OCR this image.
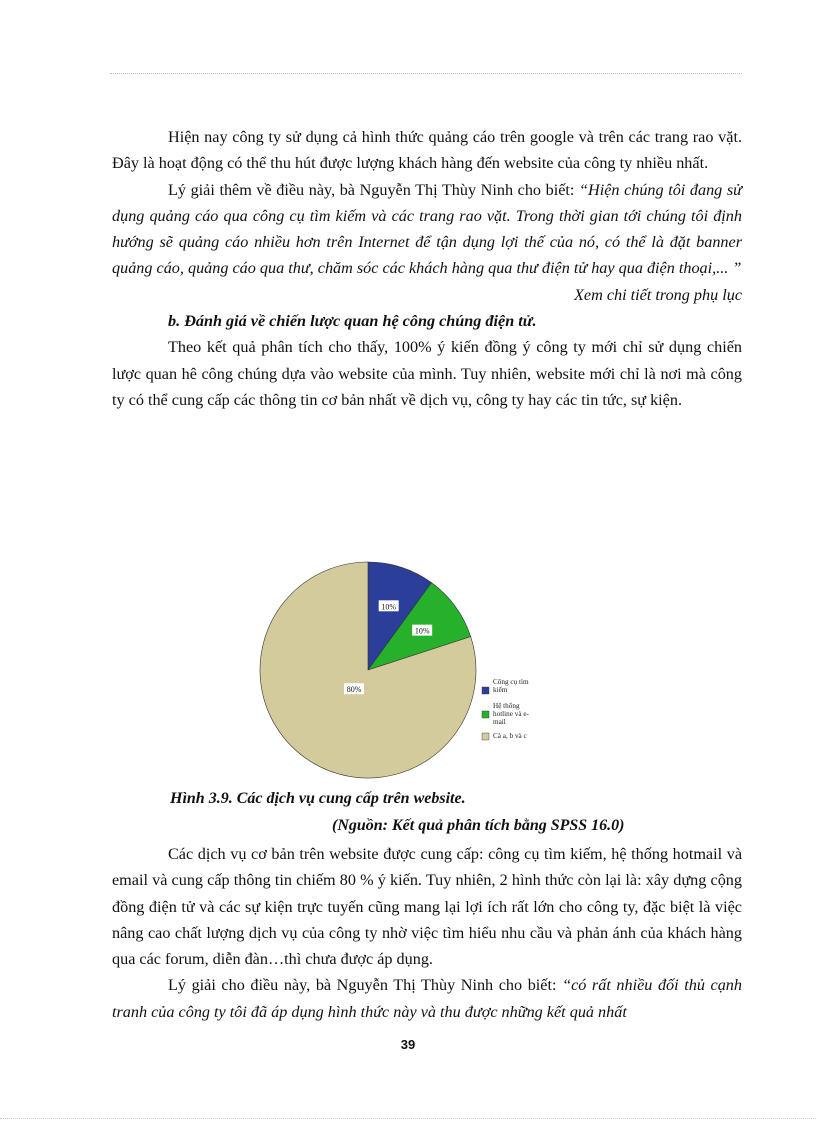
Hiện nay công ty sử dụng cả hình thức quảng cáo trên google và trên các trang rao vặt. Đây là hoạt động có thể thu hút được lượng khách hàng đến website của công ty nhiều nhất.

Lý giải thêm về điều này, bà Nguyễn Thị Thùy Ninh cho biết: “Hiện chúng tôi đang sử dụng quảng cáo qua công cụ tìm kiếm và các trang rao vặt. Trong thời gian tới chúng tôi định hướng sẽ quảng cáo nhiều hơn trên Internet để tận dụng lợi thế của nó, có thể là đặt banner quảng cáo, quảng cáo qua thư, chăm sóc các khách hàng qua thư điện tử hay qua điện thoại,... ”

Xem chi tiết trong phụ lục

b. Đánh giá về chiến lược quan hệ công chúng điện tử.

Theo kết quả phân tích cho thấy, 100% ý kiến đồng ý công ty mới chỉ sử dụng chiến lược quan hê công chúng dựa vào website của mình. Tuy nhiên, website mới chỉ là nơi mà công ty có thể cung cấp các thông tin cơ bản nhất về dịch vụ, công ty hay các tin tức, sự kiện.

10%
10%
80%
Công cụ tìm kiếm
Hệ thống hotline và e-mail
Cả a, b và c
Hình 3.9. Các dịch vụ cung cấp trên website.
(Nguồn: Kết quả phân tích bằng SPSS 16.0)

Các dịch vụ cơ bản trên website được cung cấp: công cụ tìm kiếm, hệ thống hotmail và email và cung cấp thông tin chiếm 80 % ý kiến. Tuy nhiên, 2 hình thức còn lại là: xây dựng cộng đồng điện tử và các sự kiện trực tuyến cũng mang lại lợi ích rất lớn cho công ty, đặc biệt là việc nâng cao chất lượng dịch vụ của công ty nhờ việc tìm hiểu nhu cầu và phản ánh của khách hàng qua các forum, diễn đàn…thì chưa được áp dụng.

Lý giải cho điều này, bà Nguyễn Thị Thùy Ninh cho biết: “có rất nhiều đối thủ cạnh tranh của công ty tôi đã áp dụng hình thức này và thu được những kết quả nhất

39
